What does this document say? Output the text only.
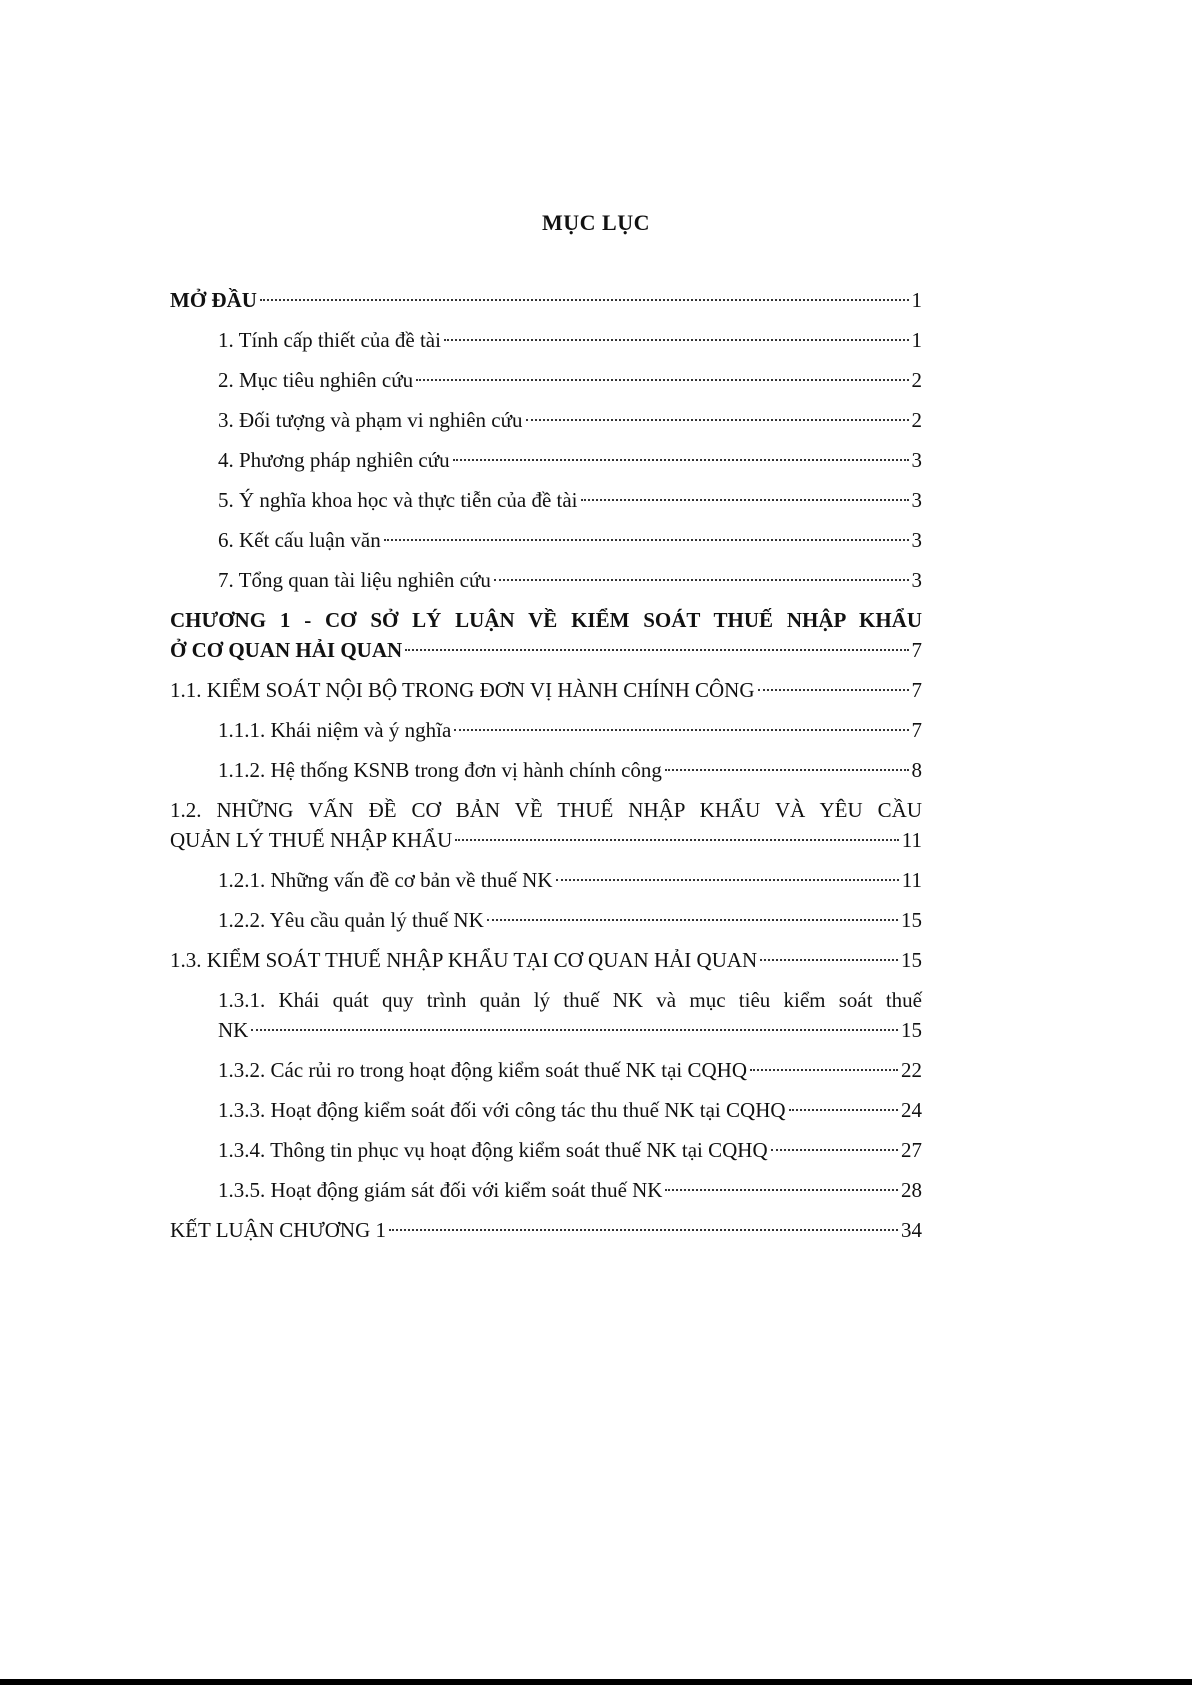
MỤC LỤC
MỞ ĐẦU	1
1. Tính cấp thiết của đề tài	1
2. Mục tiêu nghiên cứu	2
3. Đối tượng và phạm vi nghiên cứu	2
4. Phương pháp nghiên cứu	3
5. Ý nghĩa khoa học và thực tiễn của đề tài	3
6. Kết cấu luận văn	3
7. Tổng quan tài liệu nghiên cứu	3
CHƯƠNG 1 - CƠ SỞ LÝ LUẬN VỀ KIỂM SOÁT THUẾ NHẬP KHẨU
Ở CƠ QUAN HẢI QUAN	7
1.1. KIỂM SOÁT NỘI BỘ TRONG ĐƠN VỊ HÀNH CHÍNH CÔNG	7
1.1.1. Khái niệm và ý nghĩa	7
1.1.2. Hệ thống KSNB trong đơn vị hành chính công	8
1.2. NHỮNG VẤN ĐỀ CƠ BẢN VỀ THUẾ NHẬP KHẨU VÀ YÊU CẦU
QUẢN LÝ THUẾ NHẬP KHẨU	11
1.2.1. Những vấn đề cơ bản về thuế NK	11
1.2.2. Yêu cầu quản lý thuế NK	15
1.3. KIỂM SOÁT THUẾ NHẬP KHẨU TẠI CƠ QUAN HẢI QUAN	15
1.3.1. Khái quát quy trình quản lý thuế NK và mục tiêu kiểm soát thuế
NK	15
1.3.2. Các rủi ro trong hoạt động kiểm soát thuế NK tại CQHQ	22
1.3.3. Hoạt động kiểm soát đối với công tác thu thuế NK tại CQHQ	24
1.3.4. Thông tin phục vụ hoạt động kiểm soát thuế NK tại CQHQ	27
1.3.5. Hoạt động giám sát đối với kiểm soát thuế NK	28
KẾT LUẬN CHƯƠNG 1	34
